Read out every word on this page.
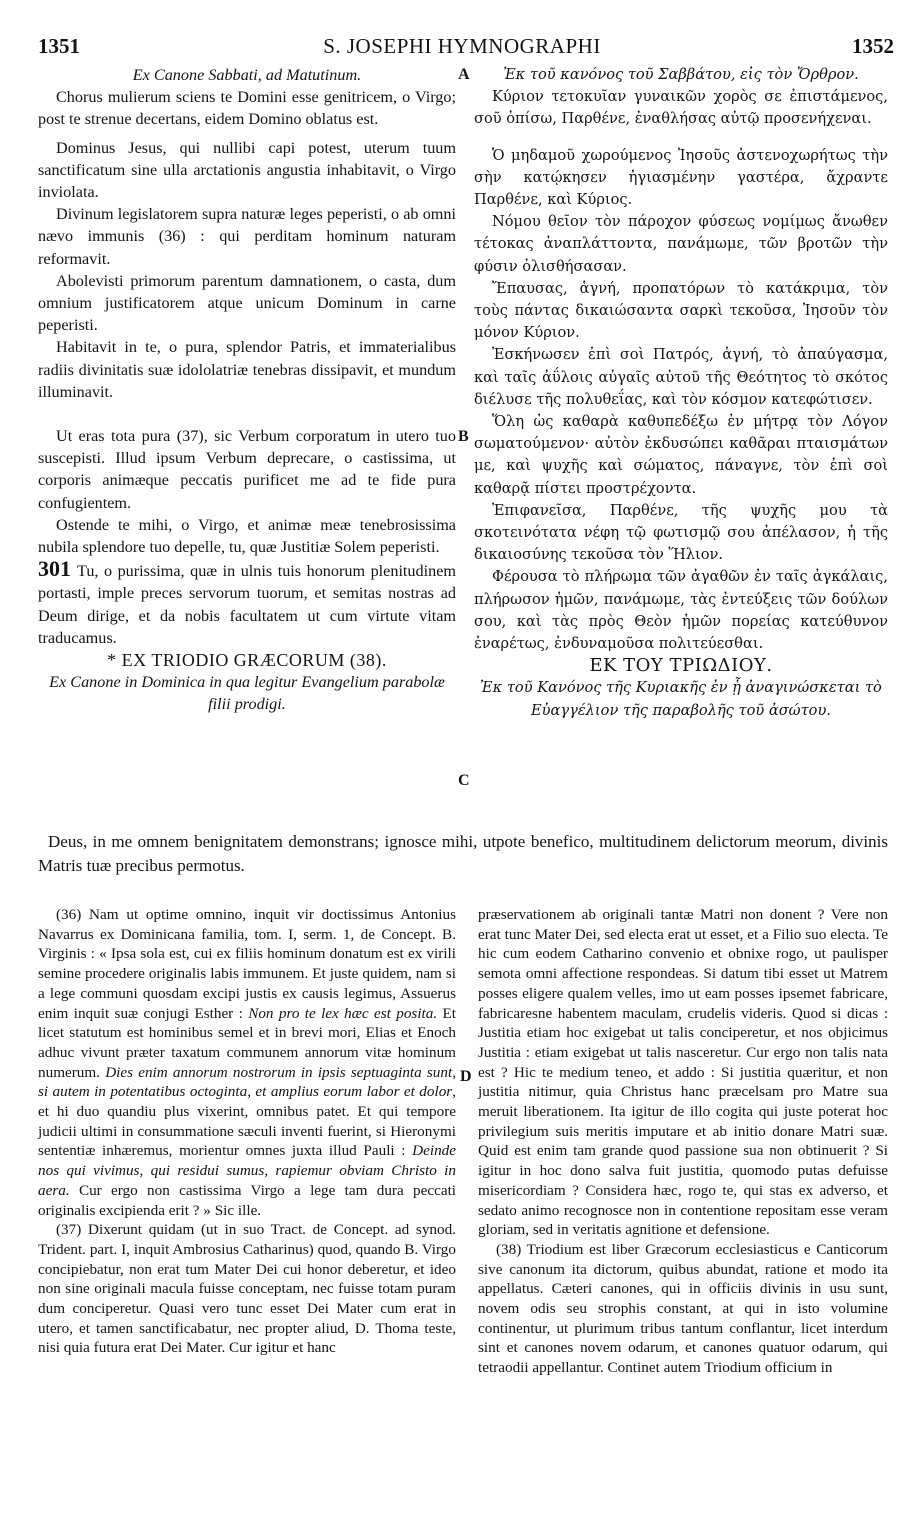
1351	S. JOSEPHI HYMNOGRAPHI	1352
A
B
C
D

Ex Canone Sabbati, ad Matutinum.

Chorus mulierum sciens te Domini esse genitricem, o Virgo; post te strenue decertans, eidem Domino oblatus est.

Dominus Jesus, qui nullibi capi potest, uterum tuum sanctificatum sine ulla arctationis angustia inhabitavit, o Virgo inviolata.

Divinum legislatorem supra naturæ leges peperisti, o ab omni nævo immunis (36) : qui perditam hominum naturam reformavit.

Abolevisti primorum parentum damnationem, o casta, dum omnium justificatorem atque unicum Dominum in carne peperisti.

Habitavit in te, o pura, splendor Patris, et immaterialibus radiis divinitatis suæ idololatriæ tenebras dissipavit, et mundum illuminavit.

Ut eras tota pura (37), sic Verbum corporatum in utero tuo suscepisti. Illud ipsum Verbum deprecare, o castissima, ut corporis animæque peccatis purificet me ad te fide pura confugientem.

Ostende te mihi, o Virgo, et animæ meæ tenebrosissima nubila splendore tuo depelle, tu, quæ Justitiæ Solem peperisti.

301 Tu, o purissima, quæ in ulnis tuis honorum plenitudinem portasti, imple preces servorum tuorum, et semitas nostras ad Deum dirige, et da nobis facultatem ut cum virtute vitam traducamus.

* EX TRIODIO GRÆCORUM (38).

Ex Canone in Dominica in qua legitur Evangelium parabolæ filii prodigi.

Ἐκ τοῦ κανόνος τοῦ Σαββάτου, εἰς τὸν Ὄρθρον.

Κύριον τετοκυῖαν γυναικῶν χορὸς σε ἐπιστάμενος, σοῦ ὀπίσω, Παρθένε, ἐναθλήσας αὐτῷ προσενήχεναι.

Ὁ μηδαμοῦ χωρούμενος Ἰησοῦς ἀστενοχωρήτως τὴν σὴν κατῴκησεν ἡγιασμένην γαστέρα, ἄχραντε Παρθένε, καὶ Κύριος.

Νόμου θεῖον τὸν πάροχον φύσεως νομίμως ἄνωθεν τέτοκας ἀναπλάττοντα, πανάμωμε, τῶν βροτῶν τὴν φύσιν ὀλισθήσασαν.

Ἔπαυσας, ἁγνή, προπατόρων τὸ κατάκριμα, τὸν τοὺς πάντας δικαιώσαντα σαρκὶ τεκοῦσα, Ἰησοῦν τὸν μόνον Κύριον.

Ἐσκήνωσεν ἐπὶ σοὶ Πατρός, ἁγνή, τὸ ἀπαύγασμα, καὶ ταῖς ἀΰλοις αὐγαῖς αὐτοῦ τῆς Θεότητος τὸ σκότος διέλυσε τῆς πολυθεΐας, καὶ τὸν κόσμον κατεφώτισεν.

Ὅλη ὡς καθαρὰ καθυπεδέξω ἐν μήτρᾳ τὸν Λόγον σωματούμενον· αὐτὸν ἐκδυσώπει καθᾶραι πταισμάτων με, καὶ ψυχῆς καὶ σώματος, πάναγνε, τὸν ἐπὶ σοὶ καθαρᾷ πίστει προστρέχοντα.

Ἐπιφανεῖσα, Παρθένε, τῆς ψυχῆς μου τὰ σκοτεινότατα νέφη τῷ φωτισμῷ σου ἀπέλασον, ἡ τῆς δικαιοσύνης τεκοῦσα τὸν Ἥλιον.

Φέρουσα τὸ πλήρωμα τῶν ἀγαθῶν ἐν ταῖς ἀγκάλαις, πλήρωσον ἡμῶν, πανάμωμε, τὰς ἐντεύξεις τῶν δούλων σου, καὶ τὰς πρὸς Θεὸν ἡμῶν πορείας κατεύθυνον ἐναρέτως, ἐνδυναμοῦσα πολιτεύεσθαι.

ΕΚ ΤΟΥ ΤΡΙΩΔΙΟΥ.

Ἐκ τοῦ Κανόνος τῆς Κυριακῆς ἐν ᾗ ἀναγινώσκεται τὸ Εὐαγγέλιον τῆς παραβολῆς τοῦ ἀσώτου.

Deus, in me omnem benignitatem demonstrans; ignosce mihi, utpote benefico, multitudinem delictorum meorum, divinis Matris tuæ precibus permotus.

(36) Nam ut optime omnino, inquit vir doctissimus Antonius Navarrus ex Dominicana familia, tom. I, serm. 1, de Concept. B. Virginis : « Ipsa sola est, cui ex filiis hominum donatum est ex virili semine procedere originalis labis immunem. Et juste quidem, nam si a lege communi quosdam excipi justis ex causis legimus, Assuerus enim inquit suæ conjugi Esther : Non pro te lex hæc est posita. Et licet statutum est hominibus semel et in brevi mori, Elias et Enoch adhuc vivunt præter taxatum communem annorum vitæ hominum numerum. Dies enim annorum nostrorum in ipsis septuaginta sunt, si autem in potentatibus octoginta, et amplius eorum labor et dolor, et hi duo quandiu plus vixerint, omnibus patet. Et qui tempore judicii ultimi in consummatione sæculi inventi fuerint, si Hieronymi sententiæ inhæremus, morientur omnes juxta illud Pauli : Deinde nos qui vivimus, qui residui sumus, rapiemur obviam Christo in aera. Cur ergo non castissima Virgo a lege tam dura peccati originalis excipienda erit ? » Sic ille.

(37) Dixerunt quidam (ut in suo Tract. de Concept. ad synod. Trident. part. I, inquit Ambrosius Catharinus) quod, quando B. Virgo concipiebatur, non erat tum Mater Dei cui honor deberetur, et ideo non sine originali macula fuisse conceptam, nec fuisse totam puram dum conciperetur. Quasi vero tunc esset Dei Mater cum erat in utero, et tamen sanctificabatur, nec propter aliud, D. Thoma teste, nisi quia futura erat Dei Mater. Cur igitur et hanc

præservationem ab originali tantæ Matri non donent ? Vere non erat tunc Mater Dei, sed electa erat ut esset, et a Filio suo electa. Te hic cum eodem Catharino convenio et obnixe rogo, ut paulisper semota omni affectione respondeas. Si datum tibi esset ut Matrem posses eligere qualem velles, imo ut eam posses ipsemet fabricare, fabricaresne habentem maculam, crudelis videris. Quod si dicas : Justitia etiam hoc exigebat ut talis conciperetur, et nos objicimus Justitia : etiam exigebat ut talis nasceretur. Cur ergo non talis nata est ? Hic te medium teneo, et addo : Si justitia quæritur, et non justitia nitimur, quia Christus hanc præcelsam pro Matre sua meruit liberationem. Ita igitur de illo cogita qui juste poterat hoc privilegium suis meritis imputare et ab initio donare Matri suæ. Quid est enim tam grande quod passione sua non obtinuerit ? Si igitur in hoc dono salva fuit justitia, quomodo putas defuisse misericordiam ? Considera hæc, rogo te, qui stas ex adverso, et sedato animo recognosce non in contentione repositam esse veram gloriam, sed in veritatis agnitione et defensione.

(38) Triodium est liber Græcorum ecclesiasticus e Canticorum sive canonum ita dictorum, quibus abundat, ratione et modo ita appellatus. Cæteri canones, qui in officiis divinis in usu sunt, novem odis seu strophis constant, at qui in isto volumine continentur, ut plurimum tribus tantum conflantur, licet interdum sint et canones novem odarum, et canones quatuor odarum, qui tetraodii appellantur. Continet autem Triodium officium in
